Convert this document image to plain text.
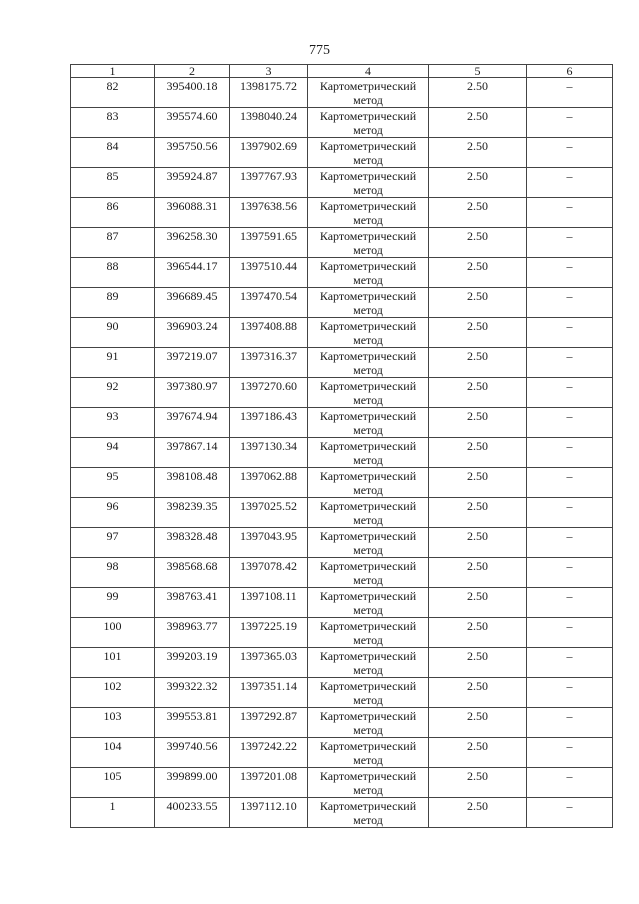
775
1	2	3	4	5	6

82	395400.18	1398175.72	Картометрический метод	2.50	–

83	395574.60	1398040.24	Картометрический метод	2.50	–

84	395750.56	1397902.69	Картометрический метод	2.50	–

85	395924.87	1397767.93	Картометрический метод	2.50	–

86	396088.31	1397638.56	Картометрический метод	2.50	–

87	396258.30	1397591.65	Картометрический метод	2.50	–

88	396544.17	1397510.44	Картометрический метод	2.50	–

89	396689.45	1397470.54	Картометрический метод	2.50	–

90	396903.24	1397408.88	Картометрический метод	2.50	–

91	397219.07	1397316.37	Картометрический метод	2.50	–

92	397380.97	1397270.60	Картометрический метод	2.50	–

93	397674.94	1397186.43	Картометрический метод	2.50	–

94	397867.14	1397130.34	Картометрический метод	2.50	–

95	398108.48	1397062.88	Картометрический метод	2.50	–

96	398239.35	1397025.52	Картометрический метод	2.50	–

97	398328.48	1397043.95	Картометрический метод	2.50	–

98	398568.68	1397078.42	Картометрический метод	2.50	–

99	398763.41	1397108.11	Картометрический метод	2.50	–

100	398963.77	1397225.19	Картометрический метод	2.50	–

101	399203.19	1397365.03	Картометрический метод	2.50	–

102	399322.32	1397351.14	Картометрический метод	2.50	–

103	399553.81	1397292.87	Картометрический метод	2.50	–

104	399740.56	1397242.22	Картометрический метод	2.50	–

105	399899.00	1397201.08	Картометрический метод	2.50	–

1	400233.55	1397112.10	Картометрический метод	2.50	–
